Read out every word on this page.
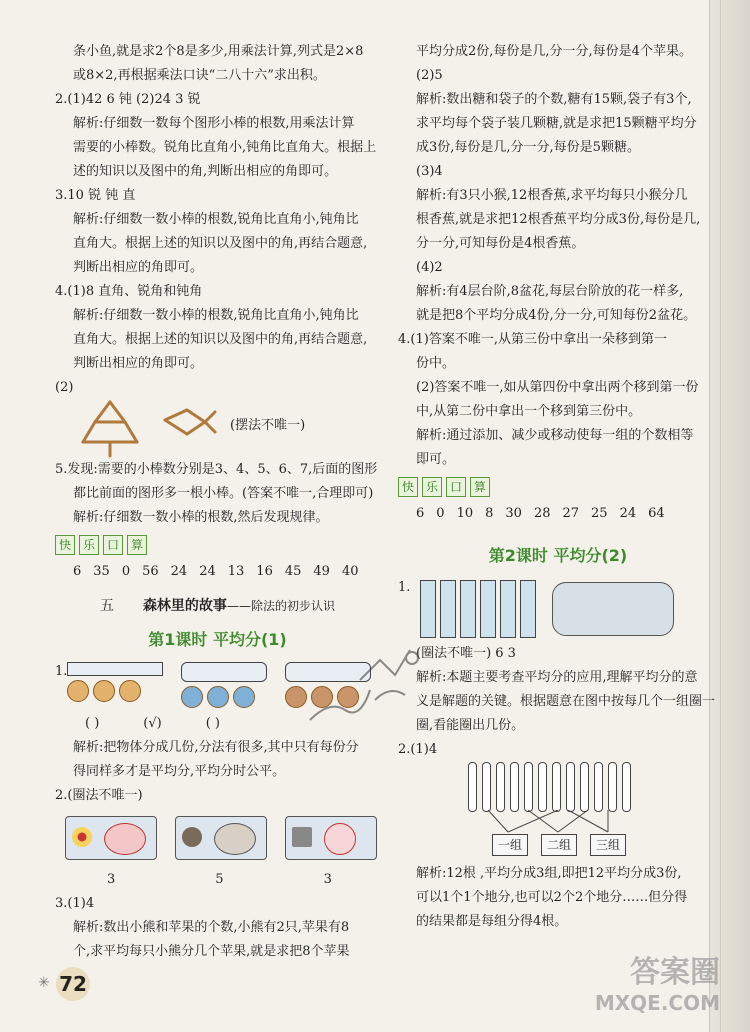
条小鱼,就是求2个8是多少,用乘法计算,列式是2×8
或8×2,再根据乘法口诀“二八十六”求出积。
2.(1)42 6 钝 (2)24 3 锐
解析:仔细数一数每个图形小棒的根数,用乘法计算
需要的小棒数。锐角比直角小,钝角比直角大。根据上
述的知识以及图中的角,判断出相应的角即可。
3.10 锐 钝 直
解析:仔细数一数小棒的根数,锐角比直角小,钝角比
直角大。根据上述的知识以及图中的角,再结合题意,
判断出相应的角即可。
4.(1)8 直角、锐角和钝角
解析:仔细数一数小棒的根数,锐角比直角小,钝角比
直角大。根据上述的知识以及图中的角,再结合题意,
判断出相应的角即可。
(2)
(摆法不唯一)
5.发现:需要的小棒数分别是3、4、5、6、7,后面的图形
都比前面的图形多一根小棒。(答案不唯一,合理即可)
解析:仔细数一数小棒的根数,然后发现规律。
快 乐 口 算
6 35 0 56 24 24 13 16 45 49 40
五 森林里的故事——除法的初步认识
第1课时 平均分(1)
1.
( )	(√)	( )
解析:把物体分成几份,分法有很多,其中只有每份分
得同样多才是平均分,平均分时公平。
2.(圈法不唯一)
3	5	3
3.(1)4
解析:数出小熊和苹果的个数,小熊有2只,苹果有8
个,求平均每只小熊分几个苹果,就是求把8个苹果
平均分成2份,每份是几,分一分,每份是4个苹果。
(2)5
解析:数出糖和袋子的个数,糖有15颗,袋子有3个,
求平均每个袋子装几颗糖,就是求把15颗糖平均分
成3份,每份是几,分一分,每份是5颗糖。
(3)4
解析:有3只小猴,12根香蕉,求平均每只小猴分几
根香蕉,就是求把12根香蕉平均分成3份,每份是几,
分一分,可知每份是4根香蕉。
(4)2
解析:有4层台阶,8盆花,每层台阶放的花一样多,
就是把8个平均分成4份,分一分,可知每份2盆花。
4.(1)答案不唯一,从第三份中拿出一朵移到第一
份中。
(2)答案不唯一,如从第四份中拿出两个移到第一份
中,从第二份中拿出一个移到第三份中。
解析:通过添加、减少或移动使每一组的个数相等
即可。
快 乐 口 算
6 0 10 8 30 28 27 25 24 64
第2课时 平均分(2)
1.
(圈法不唯一) 6 3
解析:本题主要考查平均分的应用,理解平均分的意
义是解题的关键。根据题意在图中按每几个一组圈一
圈,看能圈出几份。
2.(1)4
一组	二组	三组
解析:12根 ,平均分成3组,即把12平均分成3份,
可以1个1个地分,也可以2个2个地分……但分得
的结果都是每组分得4根。
✳ 72	答案圈
MXQE.COM
